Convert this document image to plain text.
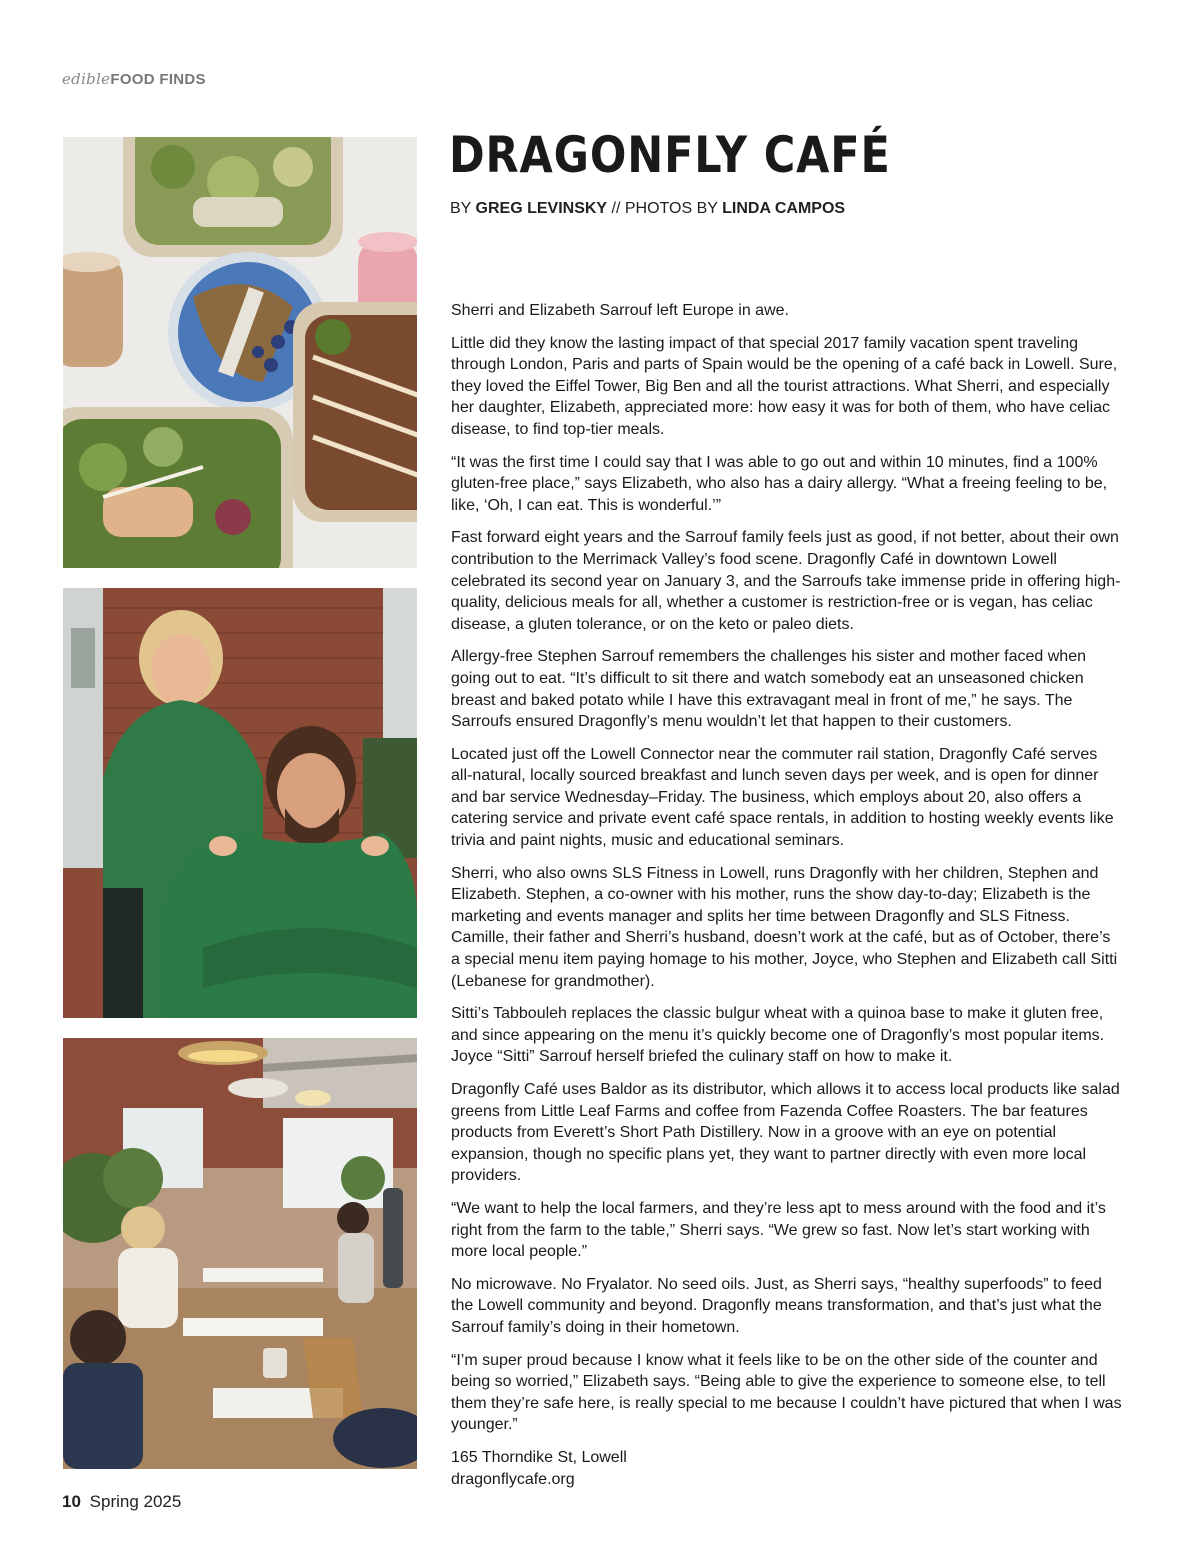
edibleFOOD FINDS
DRAGONFLY CAFÉ
BY GREG LEVINSKY // PHOTOS BY LINDA CAMPOS

Sherri and Elizabeth Sarrouf left Europe in awe.

Little did they know the lasting impact of that special 2017 family vacation spent traveling through London, Paris and parts of Spain would be the opening of a café back in Lowell. Sure, they loved the Eiffel Tower, Big Ben and all the tourist attractions. What Sherri, and especially her daughter, Elizabeth, appreciated more: how easy it was for both of them, who have celiac disease, to find top-tier meals.

“It was the first time I could say that I was able to go out and within 10 minutes, find a 100% gluten-free place,” says Elizabeth, who also has a dairy allergy. “What a freeing feeling to be, like, ‘Oh, I can eat. This is wonderful.’”

Fast forward eight years and the Sarrouf family feels just as good, if not better, about their own contribution to the Merrimack Valley’s food scene. Dragonfly Café in downtown Lowell celebrated its second year on January 3, and the Sarroufs take immense pride in offering high-quality, delicious meals for all, whether a customer is restriction-free or is vegan, has celiac disease, a gluten tolerance, or on the keto or paleo diets.

Allergy-free Stephen Sarrouf remembers the challenges his sister and mother faced when going out to eat. “It’s difficult to sit there and watch somebody eat an unseasoned chicken breast and baked potato while I have this extravagant meal in front of me,” he says. The Sarroufs ensured Dragonfly’s menu wouldn’t let that happen to their customers.

Located just off the Lowell Connector near the commuter rail station, Dragonfly Café serves all-natural, locally sourced breakfast and lunch seven days per week, and is open for dinner and bar service Wednesday–Friday. The business, which employs about 20, also offers a catering service and private event café space rentals, in addition to hosting weekly events like trivia and paint nights, music and educational seminars.

Sherri, who also owns SLS Fitness in Lowell, runs Dragonfly with her children, Stephen and Elizabeth. Stephen, a co-owner with his mother, runs the show day-to-day; Elizabeth is the marketing and events manager and splits her time between Dragonfly and SLS Fitness. Camille, their father and Sherri’s husband, doesn’t work at the café, but as of October, there’s a special menu item paying homage to his mother, Joyce, who Stephen and Elizabeth call Sitti (Lebanese for grandmother).

Sitti’s Tabbouleh replaces the classic bulgur wheat with a quinoa base to make it gluten free, and since appearing on the menu it’s quickly become one of Dragonfly’s most popular items. Joyce “Sitti” Sarrouf herself briefed the culinary staff on how to make it.

Dragonfly Café uses Baldor as its distributor, which allows it to access local products like salad greens from Little Leaf Farms and coffee from Fazenda Coffee Roasters. The bar features products from Everett’s Short Path Distillery. Now in a groove with an eye on potential expansion, though no specific plans yet, they want to partner directly with even more local providers.

“We want to help the local farmers, and they’re less apt to mess around with the food and it’s right from the farm to the table,” Sherri says. “We grew so fast. Now let’s start working with more local people.”

No microwave. No Fryalator. No seed oils. Just, as Sherri says, “healthy superfoods” to feed the Lowell community and beyond. Dragonfly means transformation, and that’s just what the Sarrouf family’s doing in their hometown.

“I’m super proud because I know what it feels like to be on the other side of the counter and being so worried,” Elizabeth says. “Being able to give the experience to someone else, to tell them they’re safe here, is really special to me because I couldn’t have pictured that when I was younger.”

165 Thorndike St, Lowell
dragonflycafe.org
10 Spring 2025
